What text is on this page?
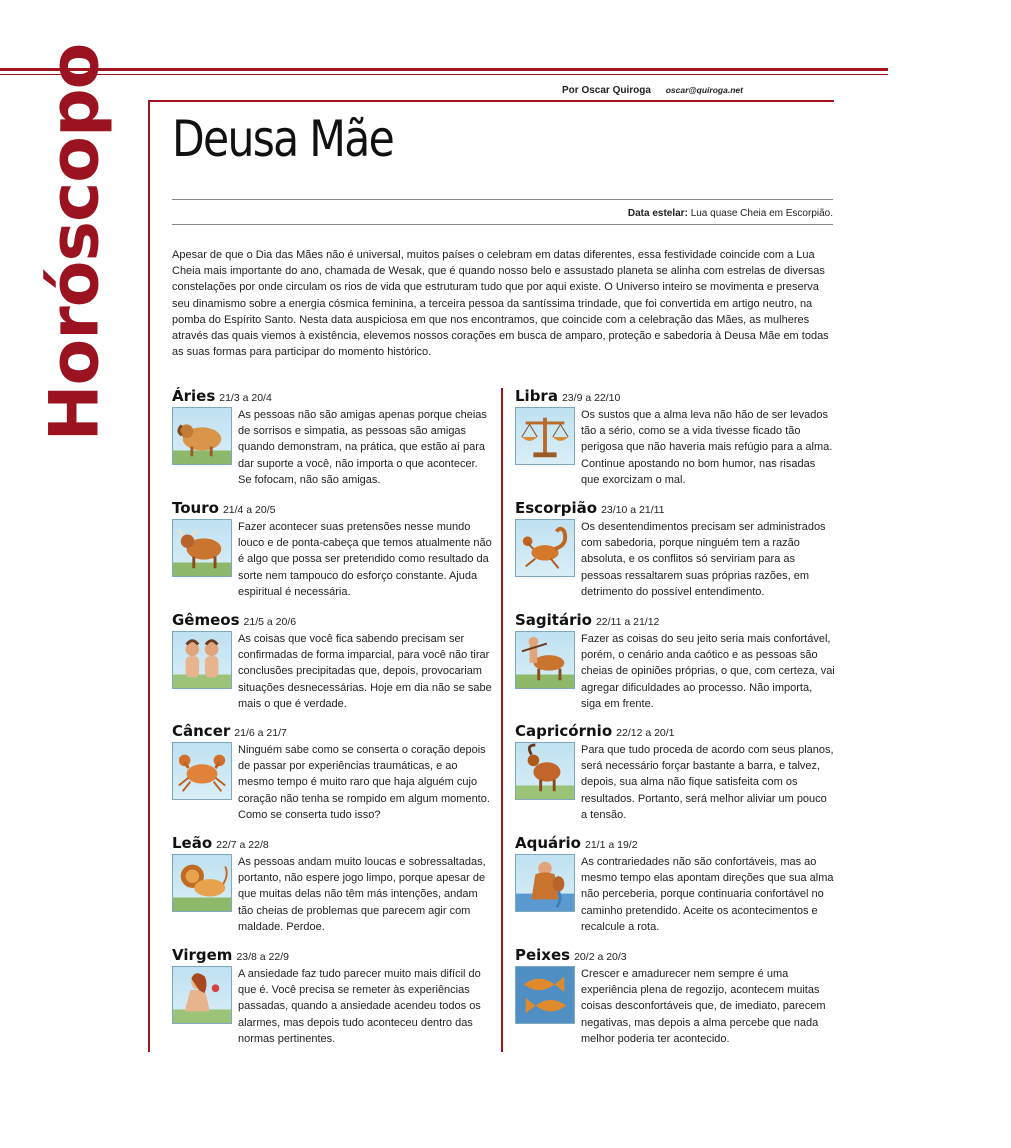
Horóscopo	Por Oscar Quiroga oscar@quiroga.net
Deusa Mãe
Data estelar: Lua quase Cheia em Escorpião.

Apesar de que o Dia das Mães não é universal, muitos países o celebram em datas diferentes, essa festividade coincide com a Lua Cheia mais importante do ano, chamada de Wesak, que é quando nosso belo e assustado planeta se alinha com estrelas de diversas constelações por onde circulam os rios de vida que estruturam tudo que por aqui existe. O Universo inteiro se movimenta e preserva seu dinamismo sobre a energia cósmica feminina, a terceira pessoa da santíssima trindade, que foi convertida em artigo neutro, na pomba do Espírito Santo. Nesta data auspiciosa em que nos encontramos, que coincide com a celebração das Mães, as mulheres através das quais viemos à existência, elevemos nossos corações em busca de amparo, proteção e sabedoria à Deusa Mãe em todas as suas formas para participar do momento histórico.

Áries 21/3 a 20/4

As pessoas não são amigas apenas porque cheias de sorrisos e simpatia, as pessoas são amigas quando demonstram, na prática, que estão aí para dar suporte a você, não importa o que acontecer. Se fofocam, não são amigas.

Touro 21/4 a 20/5

Fazer acontecer suas pretensões nesse mundo louco e de ponta-cabeça que temos atualmente não é algo que possa ser pretendido como resultado da sorte nem tampouco do esforço constante. Ajuda espiritual é necessária.

Gêmeos 21/5 a 20/6

As coisas que você fica sabendo precisam ser confirmadas de forma imparcial, para você não tirar conclusões precipitadas que, depois, provocariam situações desnecessárias. Hoje em dia não se sabe mais o que é verdade.

Câncer 21/6 a 21/7

Ninguém sabe como se conserta o coração depois de passar por experiências traumáticas, e ao mesmo tempo é muito raro que haja alguém cujo coração não tenha se rompido em algum momento. Como se conserta tudo isso?

Leão 22/7 a 22/8

As pessoas andam muito loucas e sobressaltadas, portanto, não espere jogo limpo, porque apesar de que muitas delas não têm más intenções, andam tão cheias de problemas que parecem agir com maldade. Perdoe.

Virgem 23/8 a 22/9

A ansiedade faz tudo parecer muito mais difícil do que é. Você precisa se remeter às experiências passadas, quando a ansiedade acendeu todos os alarmes, mas depois tudo aconteceu dentro das normas pertinentes.

Libra 23/9 a 22/10

Os sustos que a alma leva não hão de ser levados tão a sério, como se a vida tivesse ficado tão perigosa que não haveria mais refúgio para a alma. Continue apostando no bom humor, nas risadas que exorcizam o mal.

Escorpião 23/10 a 21/11

Os desentendimentos precisam ser administrados com sabedoria, porque ninguém tem a razão absoluta, e os conflitos só serviriam para as pessoas ressaltarem suas próprias razões, em detrimento do possível entendimento.

Sagitário 22/11 a 21/12

Fazer as coisas do seu jeito seria mais confortável, porém, o cenário anda caótico e as pessoas são cheias de opiniões próprias, o que, com certeza, vai agregar dificuldades ao processo. Não importa, siga em frente.

Capricórnio 22/12 a 20/1

Para que tudo proceda de acordo com seus planos, será necessário forçar bastante a barra, e talvez, depois, sua alma não fique satisfeita com os resultados. Portanto, será melhor aliviar um pouco a tensão.

Aquário 21/1 a 19/2

As contrariedades não são confortáveis, mas ao mesmo tempo elas apontam direções que sua alma não perceberia, porque continuaria confortável no caminho pretendido. Aceite os acontecimentos e recalcule a rota.

Peixes 20/2 a 20/3

Crescer e amadurecer nem sempre é uma experiência plena de regozijo, acontecem muitas coisas desconfortáveis que, de imediato, parecem negativas, mas depois a alma percebe que nada melhor poderia ter acontecido.
